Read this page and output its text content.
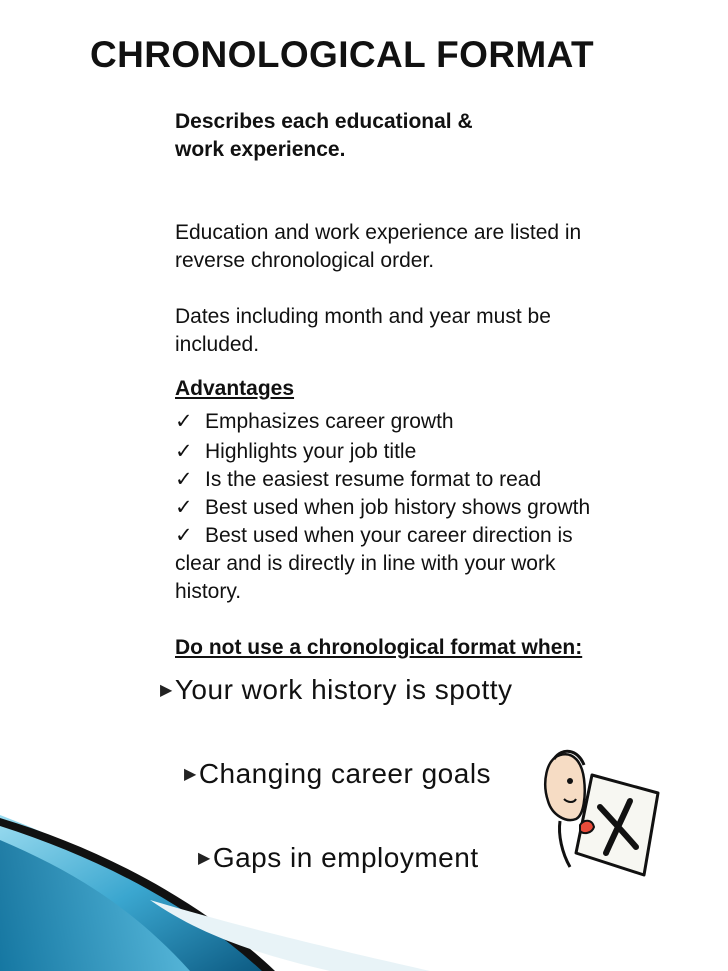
CHRONOLOGICAL FORMAT
Describes each educational &
work experience.
Education and work experience are listed in
reverse chronological order.
Dates including month and year must be
included.
Advantages
✓ Emphasizes career growth
✓ Highlights your job title
✓ Is the easiest resume format to read
✓ Best used when job history shows growth
✓ Best used when your career direction is
clear and is directly in line with your work
history.
Do not use a chronological format when:
▶Your work history is spotty
▶Changing career goals
▶Gaps in employment
